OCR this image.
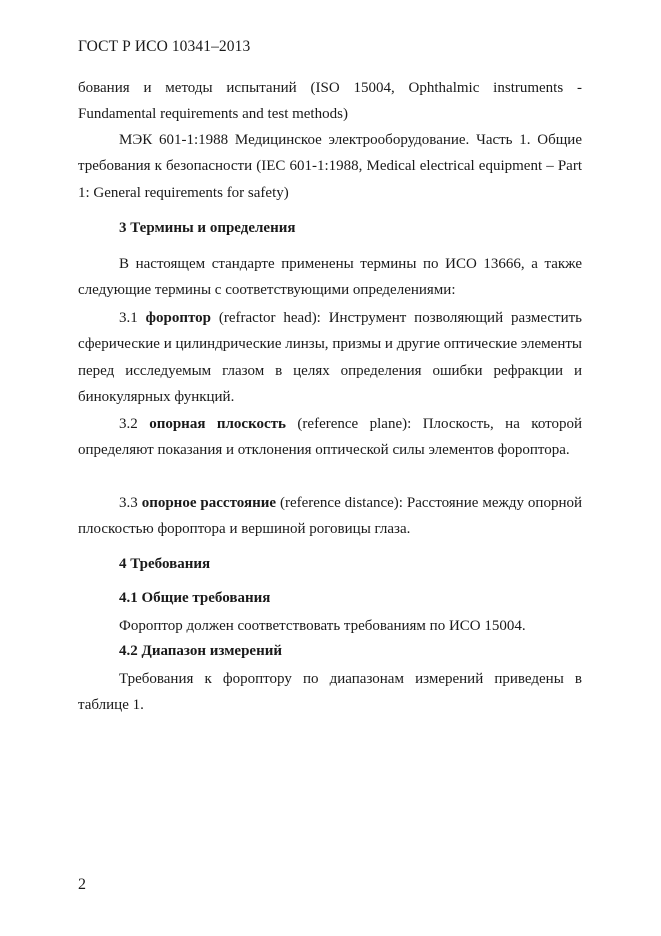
ГОСТ Р ИСО 10341–2013

бования и методы испытаний (ISO 15004, Ophthalmic instruments - Fundamental requirements and test methods)

МЭК 601-1:1988 Медицинское электрооборудование. Часть 1. Общие требования к безопасности (IEC 601-1:1988, Medical electrical equipment – Part 1: General requirements for safety)

3 Термины и определения

В настоящем стандарте применены термины по ИСО 13666, а также следующие термины с соответствующими определениями:

3.1 фороптор (refractor head): Инструмент позволяющий разместить сферические и цилиндрические линзы, призмы и другие оптические элементы перед исследуемым глазом в целях определения ошибки рефракции и бинокулярных функций.

3.2 опорная плоскость (reference plane): Плоскость, на которой определяют показания и отклонения оптической силы элементов фороптора.

3.3 опорное расстояние (reference distance): Расстояние между опорной плоскостью фороптора и вершиной роговицы глаза.

4 Требования

4.1 Общие требования

Фороптор должен соответствовать требованиям по ИСО 15004.

4.2 Диапазон измерений

Требования к фороптору по диапазонам измерений приведены в таблице 1.

2
